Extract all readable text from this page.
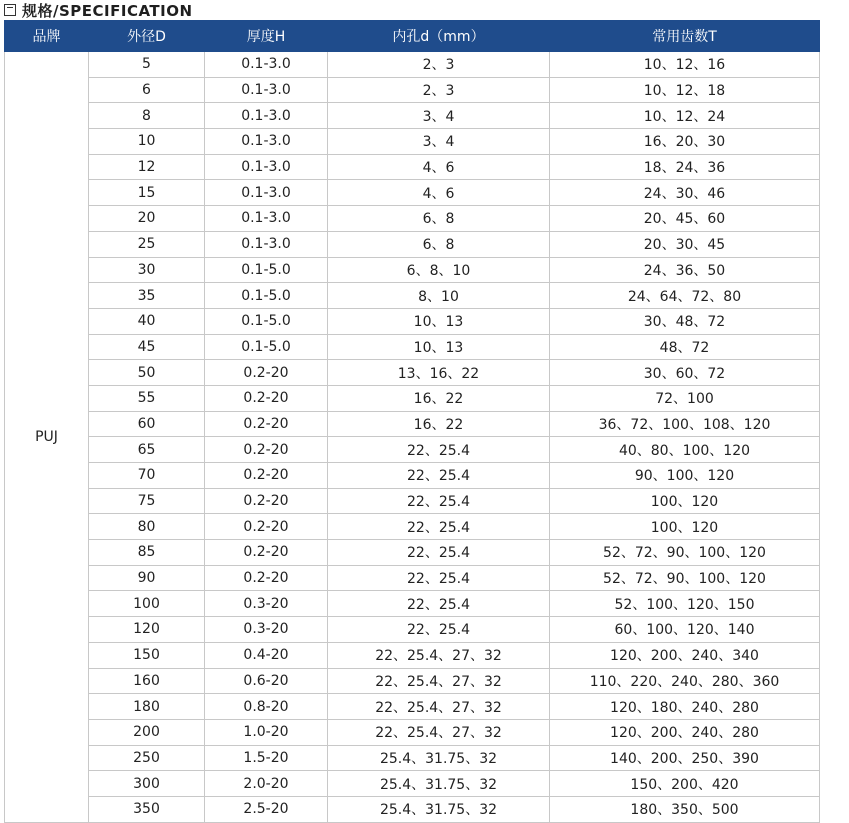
规格/SPECIFICATION
品牌	外径D	厚度H	内孔d（mm）	常用齿数T
PUJ	5	0.1-3.0	2、3	10、12、16
	6	0.1-3.0	2、3	10、12、18
	8	0.1-3.0	3、4	10、12、24
	10	0.1-3.0	3、4	16、20、30
	12	0.1-3.0	4、6	18、24、36
	15	0.1-3.0	4、6	24、30、46
	20	0.1-3.0	6、8	20、45、60
	25	0.1-3.0	6、8	20、30、45
	30	0.1-5.0	6、8、10	24、36、50
	35	0.1-5.0	8、10	24、64、72、80
	40	0.1-5.0	10、13	30、48、72
	45	0.1-5.0	10、13	48、72
	50	0.2-20	13、16、22	30、60、72
	55	0.2-20	16、22	72、100
	60	0.2-20	16、22	36、72、100、108、120
	65	0.2-20	22、25.4	40、80、100、120
	70	0.2-20	22、25.4	90、100、120
	75	0.2-20	22、25.4	100、120
	80	0.2-20	22、25.4	100、120
	85	0.2-20	22、25.4	52、72、90、100、120
	90	0.2-20	22、25.4	52、72、90、100、120
	100	0.3-20	22、25.4	52、100、120、150
	120	0.3-20	22、25.4	60、100、120、140
	150	0.4-20	22、25.4、27、32	120、200、240、340
	160	0.6-20	22、25.4、27、32	110、220、240、280、360
	180	0.8-20	22、25.4、27、32	120、180、240、280
	200	1.0-20	22、25.4、27、32	120、200、240、280
	250	1.5-20	25.4、31.75、32	140、200、250、390
	300	2.0-20	25.4、31.75、32	150、200、420
	350	2.5-20	25.4、31.75、32	180、350、500
